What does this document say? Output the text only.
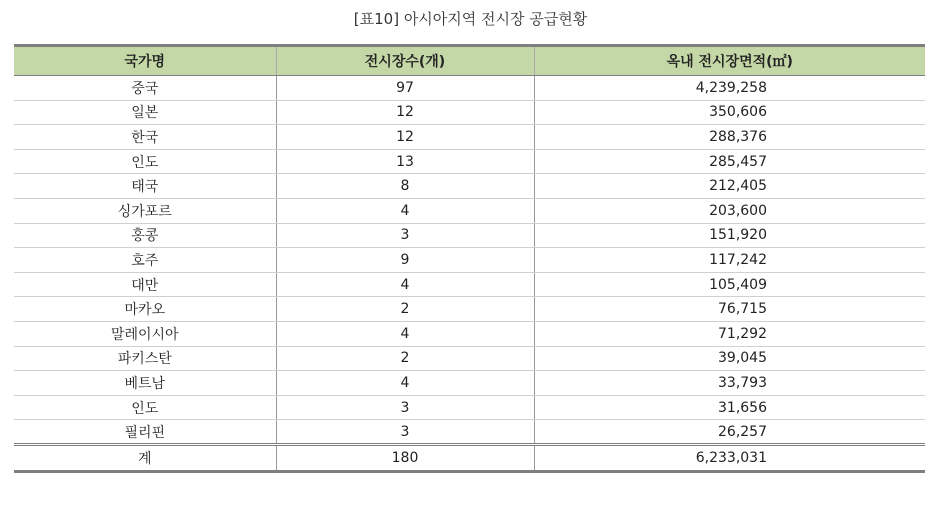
[표10] 아시아지역 전시장 공급현황
국가명	전시장수(개)	옥내 전시장면적(㎡)
중국	97	4,239,258
일본	12	350,606
한국	12	288,376
인도	13	285,457
태국	8	212,405
싱가포르	4	203,600
홍콩	3	151,920
호주	9	117,242
대만	4	105,409
마카오	2	76,715
말레이시아	4	71,292
파키스탄	2	39,045
베트남	4	33,793
인도	3	31,656
필리핀	3	26,257
계	180	6,233,031
